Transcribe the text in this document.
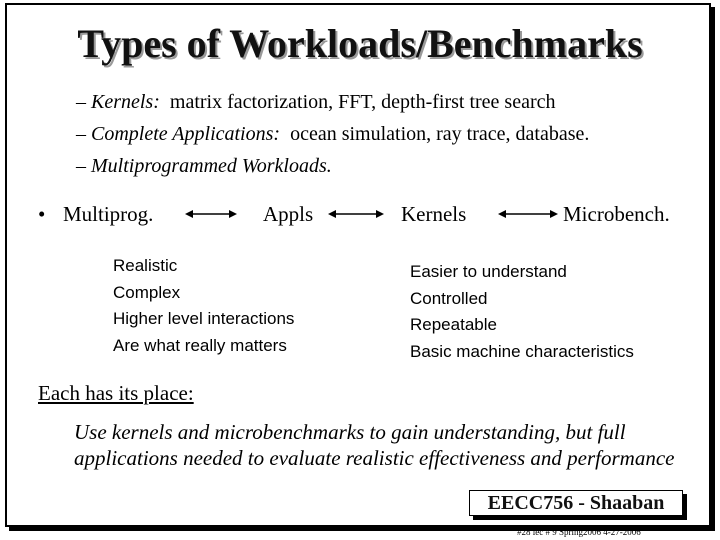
Types of Workloads/Benchmarks
– Kernels: matrix factorization, FFT, depth-first tree search
– Complete Applications: ocean simulation, ray trace, database.
– Multiprogrammed Workloads.
• Multiprog.	Appls	Kernels	Microbench.
Realistic
Complex
Higher level interactions
Are what really matters
Easier to understand
Controlled
Repeatable
Basic machine characteristics
Each has its place:
Use kernels and microbenchmarks to gain understanding, but full applications needed to evaluate realistic effectiveness and performance
EECC756 - Shaaban
#28 lec # 9 Spring2006 4-27-2006
